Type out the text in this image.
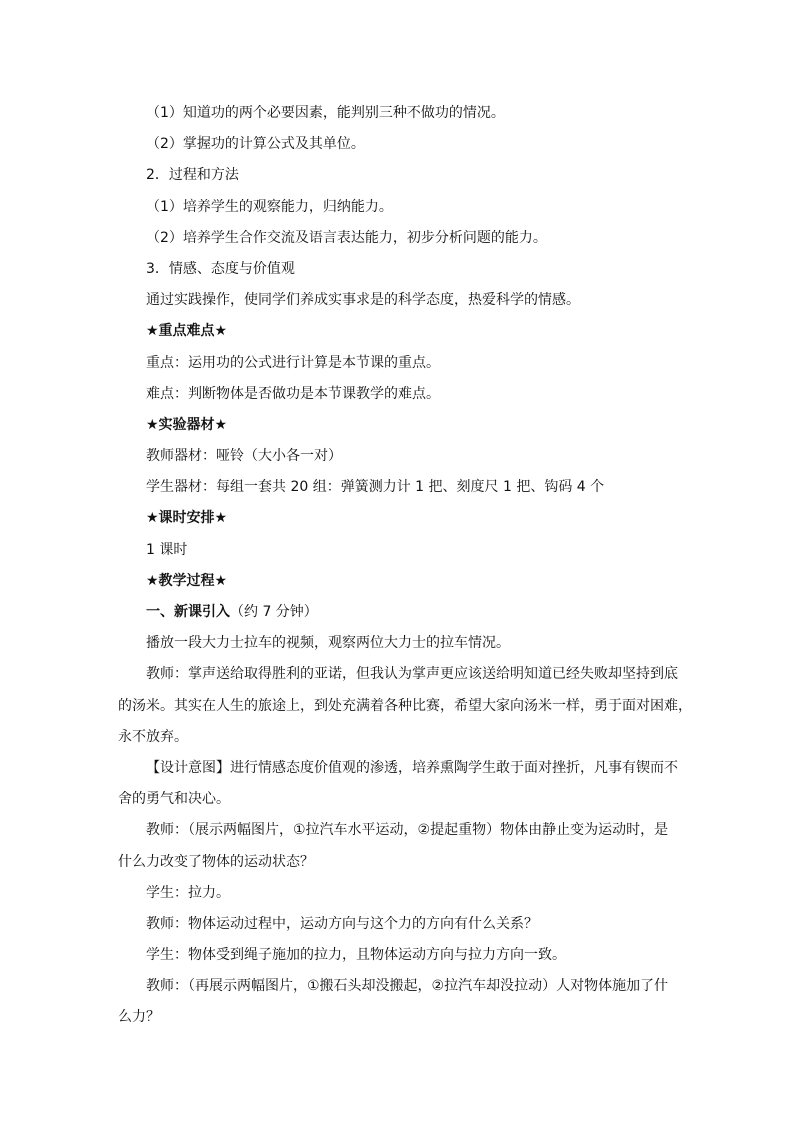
（1）知道功的两个必要因素，能判别三种不做功的情况。
（2）掌握功的计算公式及其单位。
2．过程和方法
（1）培养学生的观察能力，归纳能力。
（2）培养学生合作交流及语言表达能力，初步分析问题的能力。
3．情感、态度与价值观
通过实践操作，使同学们养成实事求是的科学态度，热爱科学的情感。
★重点难点★
重点：运用功的公式进行计算是本节课的重点。
难点：判断物体是否做功是本节课教学的难点。
★实验器材★
教师器材：哑铃（大小各一对）
学生器材：每组一套共 20 组：弹簧测力计 1 把、刻度尺 1 把、钩码 4 个
★课时安排★
1 课时
★教学过程★
一、新课引入（约 7 分钟）
播放一段大力士拉车的视频，观察两位大力士的拉车情况。
教师：掌声送给取得胜利的亚诺，但我认为掌声更应该送给明知道已经失败却坚持到底
的汤米。其实在人生的旅途上，到处充满着各种比赛，希望大家向汤米一样，勇于面对困难，
永不放弃。
【设计意图】进行情感态度价值观的渗透，培养熏陶学生敢于面对挫折，凡事有锲而不
舍的勇气和决心。
教师：（展示两幅图片，①拉汽车水平运动，②提起重物）物体由静止变为运动时，是
什么力改变了物体的运动状态？
学生：拉力。
教师：物体运动过程中，运动方向与这个力的方向有什么关系？
学生：物体受到绳子施加的拉力，且物体运动方向与拉力方向一致。
教师：（再展示两幅图片，①搬石头却没搬起，②拉汽车却没拉动）人对物体施加了什
么力？
